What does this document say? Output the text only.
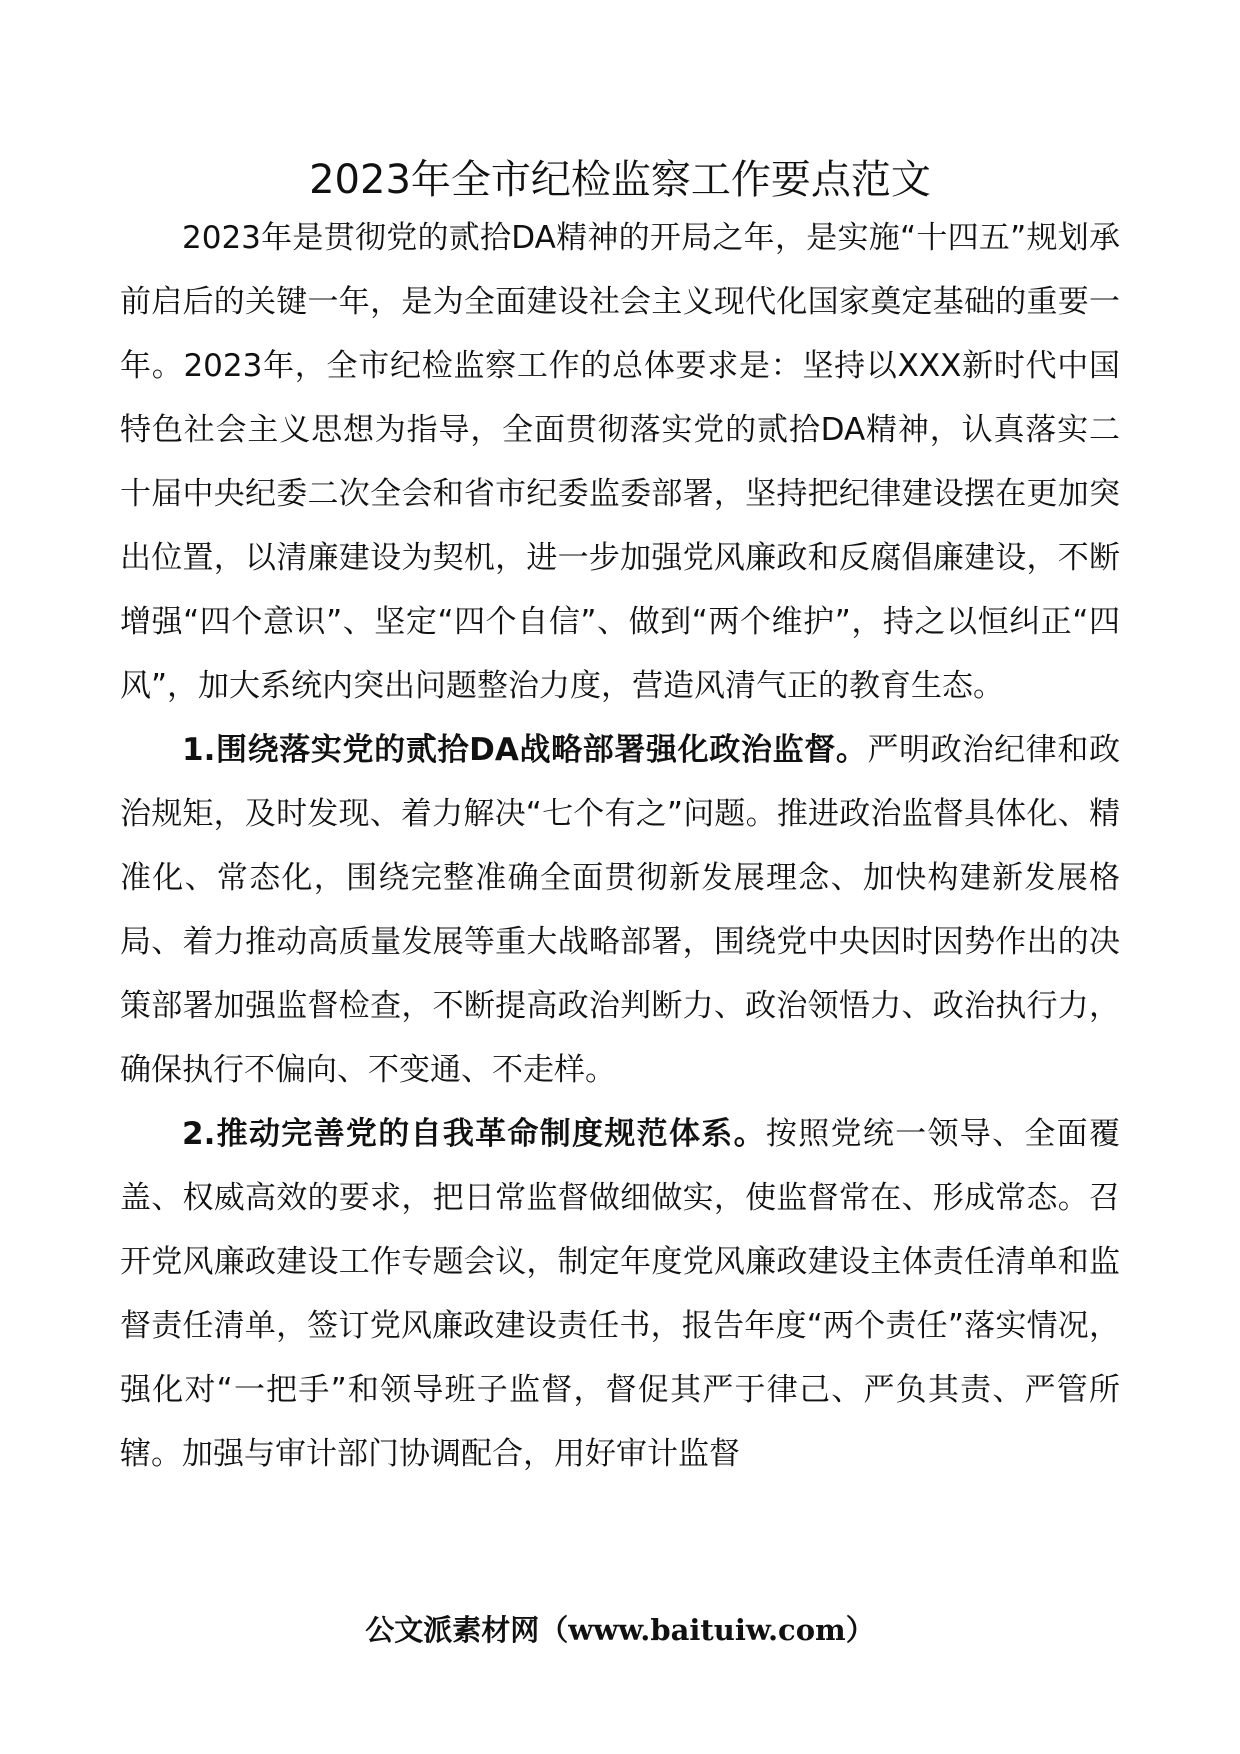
2023年全市纪检监察工作要点范文

2023年是贯彻党的贰拾DA精神的开局之年，是实施“十四五”规划承前启后的关键一年，是为全面建设社会主义现代化国家奠定基础的重要一年。2023年，全市纪检监察工作的总体要求是：坚持以XXX新时代中国特色社会主义思想为指导，全面贯彻落实党的贰拾DA精神，认真落实二十届中央纪委二次全会和省市纪委监委部署，坚持把纪律建设摆在更加突出位置，以清廉建设为契机，进一步加强党风廉政和反腐倡廉建设，不断增强“四个意识”、坚定“四个自信”、做到“两个维护”，持之以恒纠正“四风”，加大系统内突出问题整治力度，营造风清气正的教育生态。

1.围绕落实党的贰拾DA战略部署强化政治监督。严明政治纪律和政治规矩，及时发现、着力解决“七个有之”问题。推进政治监督具体化、精准化、常态化，围绕完整准确全面贯彻新发展理念、加快构建新发展格局、着力推动高质量发展等重大战略部署，围绕党中央因时因势作出的决策部署加强监督检查，不断提高政治判断力、政治领悟力、政治执行力，确保执行不偏向、不变通、不走样。

2.推动完善党的自我革命制度规范体系。按照党统一领导、全面覆盖、权威高效的要求，把日常监督做细做实，使监督常在、形成常态。召开党风廉政建设工作专题会议，制定年度党风廉政建设主体责任清单和监督责任清单，签订党风廉政建设责任书，报告年度“两个责任”落实情况，强化对“一把手”和领导班子监督，督促其严于律己、严负其责、严管所辖。加强与审计部门协调配合，用好审计监督

公文派素材网（www.baituiw.com）
